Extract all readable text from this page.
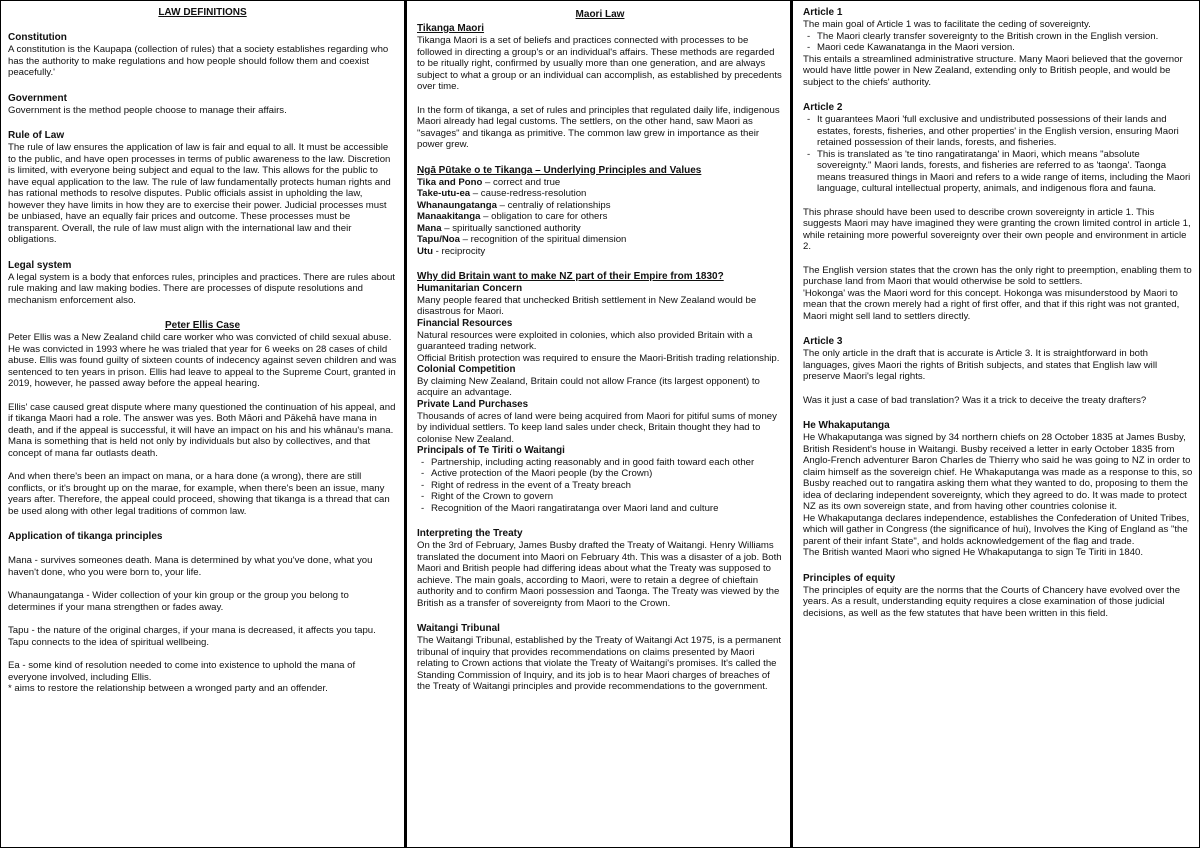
LAW DEFINITIONS
Constitution

A constitution is the Kaupapa (collection of rules) that a society establishes regarding who has the authority to make regulations and how people should follow them and coexist peacefully.'

Government

Government is the method people choose to manage their affairs.

Rule of Law

The rule of law ensures the application of law is fair and equal to all. It must be accessible to the public, and have open processes in terms of public awareness to the law. Discretion is limited, with everyone being subject and equal to the law. This allows for the public to have equal application to the law. The rule of law fundamentally protects human rights and has rational methods to resolve disputes. Public officials assist in upholding the law, however they have limits in how they are to exercise their power. Judicial processes must be unbiased, have an equally fair prices and outcome. These processes must be transparent. Overall, the rule of law must align with the international law and their obligations.

Legal system

A legal system is a body that enforces rules, principles and practices. There are rules about rule making and law making bodies. There are processes of dispute resolutions and mechanism enforcement also.

Peter Ellis Case

Peter Ellis was a New Zealand child care worker who was convicted of child sexual abuse. He was convicted in 1993 where he was trialed that year for 6 weeks on 28 cases of child abuse. Ellis was found guilty of sixteen counts of indecency against seven children and was sentenced to ten years in prison. Ellis had leave to appeal to the Supreme Court, granted in 2019, however, he passed away before the appeal hearing.

Ellis' case caused great dispute where many questioned the continuation of his appeal, and if tikanga Maori had a role. The answer was yes. Both Māori and Pākehā have mana in death, and if the appeal is successful, it will have an impact on his and his whānau's mana. Mana is something that is held not only by individuals but also by collectives, and that concept of mana far outlasts death.

And when there's been an impact on mana, or a hara done (a wrong), there are still conflicts, or it's brought up on the marae, for example, when there's been an issue, many years after. Therefore, the appeal could proceed, showing that tikanga is a thread that can be used along with other legal traditions of common law.

Application of tikanga principles

Mana - survives someones death. Mana is determined by what you've done, what you haven't done, who you were born to, your life.

Whanaungatanga - Wider collection of your kin group or the group you belong to determines if your mana strengthen or fades away.

Tapu - the nature of the original charges, if your mana is decreased, it affects you tapu. Tapu connects to the idea of spiritual wellbeing.

Ea - some kind of resolution needed to come into existence to uphold the mana of everyone involved, including Ellis.

* aims to restore the relationship between a wronged party and an offender.

Maori Law
Tikanga Maori

Tikanga Maori is a set of beliefs and practices connected with processes to be followed in directing a group's or an individual's affairs. These methods are regarded to be ritually right, confirmed by usually more than one generation, and are always subject to what a group or an individual can accomplish, as established by precedents over time.

In the form of tikanga, a set of rules and principles that regulated daily life, indigenous Maori already had legal customs. The settlers, on the other hand, saw Maori as "savages" and tikanga as primitive. The common law grew in importance as their power grew.

Ngā Pūtake o te Tikanga – Underlying Principles and Values

Tika and Pono – correct and true

Take-utu-ea – cause-redress-resolution

Whanaungatanga – centraliy of relationships

Manaakitanga – obligation to care for others

Mana – spiritually sanctioned authority

Tapu/Noa – recognition of the spiritual dimension

Utu - reciprocity

Why did Britain want to make NZ part of their Empire from 1830?
Humanitarian Concern

Many people feared that unchecked British settlement in New Zealand would be disastrous for Maori.

Financial Resources

Natural resources were exploited in colonies, which also provided Britain with a guaranteed trading network.

Official British protection was required to ensure the Maori-British trading relationship.

Colonial Competition

By claiming New Zealand, Britain could not allow France (its largest opponent) to acquire an advantage.

Private Land Purchases

Thousands of acres of land were being acquired from Maori for pitiful sums of money by individual settlers. To keep land sales under check, Britain thought they had to colonise New Zealand.

Principals of Te Tiriti o Waitangi
- Partnership, including acting reasonably and in good faith toward each other
- Active protection of the Maori people (by the Crown)
- Right of redress in the event of a Treaty breach
- Right of the Crown to govern
- Recognition of the Maori rangatiratanga over Maori land and culture
Interpreting the Treaty

On the 3rd of February, James Busby drafted the Treaty of Waitangi. Henry Williams translated the document into Maori on February 4th. This was a disaster of a job. Both Maori and British people had differing ideas about what the Treaty was supposed to achieve. The main goals, according to Maori, were to retain a degree of chieftain authority and to confirm Maori possession and Taonga. The Treaty was viewed by the British as a transfer of sovereignty from Maori to the Crown.

Waitangi Tribunal

The Waitangi Tribunal, established by the Treaty of Waitangi Act 1975, is a permanent tribunal of inquiry that provides recommendations on claims presented by Maori relating to Crown actions that violate the Treaty of Waitangi's promises. It's called the Standing Commission of Inquiry, and its job is to hear Maori charges of breaches of the Treaty of Waitangi principles and provide recommendations to the government.

Article 1

The main goal of Article 1 was to facilitate the ceding of sovereignty.

- The Maori clearly transfer sovereignty to the British crown in the English version.
- Maori cede Kawanatanga in the Maori version.

This entails a streamlined administrative structure. Many Maori believed that the governor would have little power in New Zealand, extending only to British people, and would be subject to the chiefs' authority.

Article 2
- It guarantees Maori 'full exclusive and undistributed possessions of their lands and estates, forests, fisheries, and other properties' in the English version, ensuring Maori retained possession of their lands, forests, and fisheries.
- This is translated as 'te tino rangatiratanga' in Maori, which means "absolute sovereignty." Maori lands, forests, and fisheries are referred to as 'taonga'. Taonga means treasured things in Maori and refers to a wide range of items, including the Maori language, cultural intellectual property, animals, and indigenous flora and fauna.

This phrase should have been used to describe crown sovereignty in article 1. This suggests Maori may have imagined they were granting the crown limited control in article 1, while retaining more powerful sovereignty over their own people and environment in article 2.

The English version states that the crown has the only right to preemption, enabling them to purchase land from Maori that would otherwise be sold to settlers.

'Hokonga' was the Maori word for this concept. Hokonga was misunderstood by Maori to mean that the crown merely had a right of first offer, and that if this right was not granted, Maori might sell land to settlers directly.

Article 3

The only article in the draft that is accurate is Article 3. It is straightforward in both languages, gives Maori the rights of British subjects, and states that English law will preserve Maori's legal rights.

Was it just a case of bad translation? Was it a trick to deceive the treaty drafters?

He Whakaputanga

He Whakaputanga was signed by 34 northern chiefs on 28 October 1835 at James Busby, British Resident's house in Waitangi. Busby received a letter in early October 1835 from Anglo-French adventurer Baron Charles de Thierry who said he was going to NZ in order to claim himself as the sovereign chief. He Whakaputanga was made as a response to this, so Busby reached out to rangatira asking them what they wanted to do, proposing to them the idea of declaring independent sovereignty, which they agreed to do. It was made to protect NZ as its own sovereign state, and from having other countries colonise it.

He Whakaputanga declares independence, establishes the Confederation of United Tribes, which will gather in Congress (the significance of hui), Involves the King of England as "the parent of their infant State", and holds acknowledgement of the flag and trade.

The British wanted Maori who signed He Whakaputanga to sign Te Tiriti in 1840.

Principles of equity

The principles of equity are the norms that the Courts of Chancery have evolved over the years. As a result, understanding equity requires a close examination of those judicial decisions, as well as the few statutes that have been written in this field.
